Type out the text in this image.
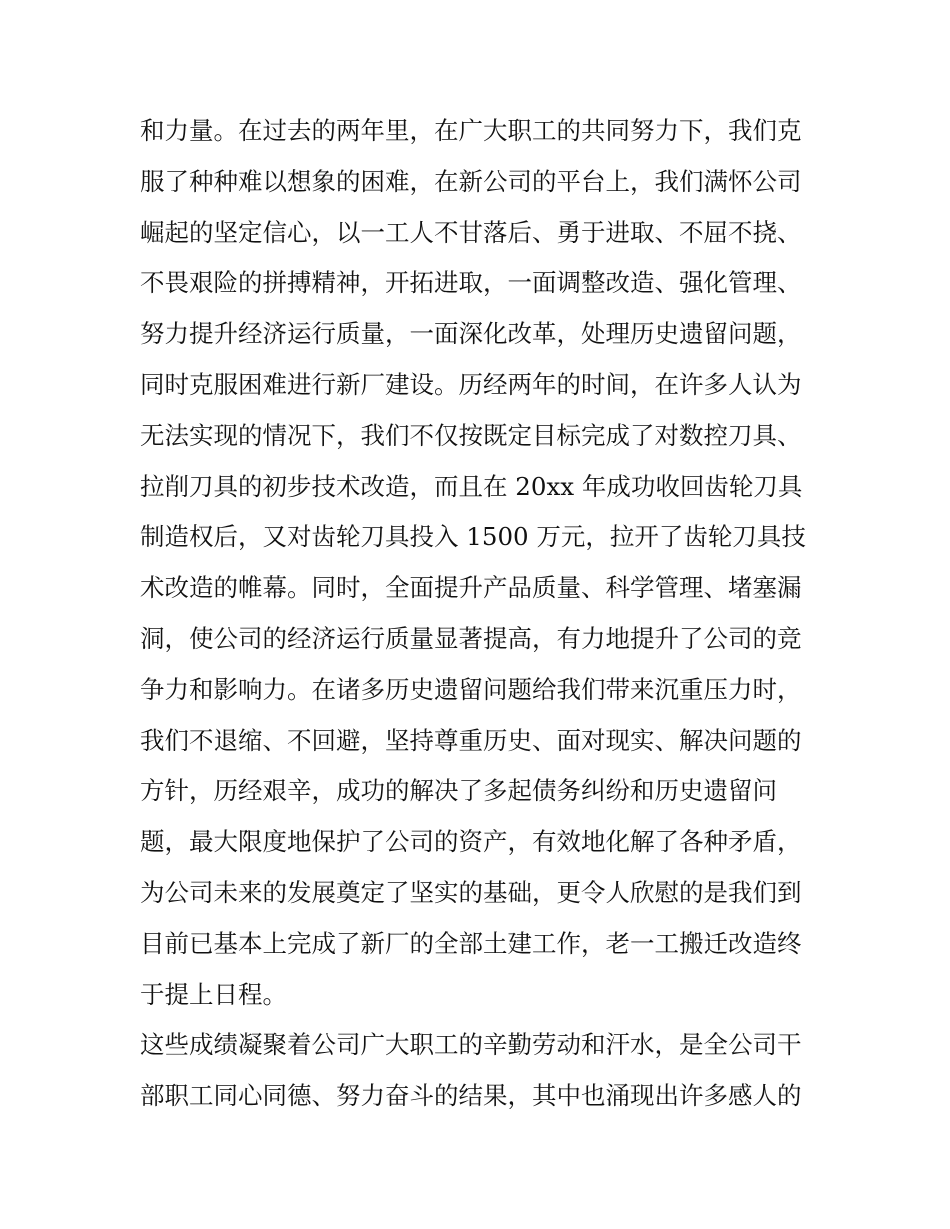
和力量。在过去的两年里，在广大职工的共同努力下，我们克
服了种种难以想象的困难，在新公司的平台上，我们满怀公司
崛起的坚定信心，以一工人不甘落后、勇于进取、不屈不挠、
不畏艰险的拼搏精神，开拓进取，一面调整改造、强化管理、
努力提升经济运行质量，一面深化改革，处理历史遗留问题，
同时克服困难进行新厂建设。历经两年的时间，在许多人认为
无法实现的情况下，我们不仅按既定目标完成了对数控刀具、
拉削刀具的初步技术改造，而且在 20xx 年成功收回齿轮刀具
制造权后，又对齿轮刀具投入 1500 万元，拉开了齿轮刀具技
术改造的帷幕。同时，全面提升产品质量、科学管理、堵塞漏
洞，使公司的经济运行质量显著提高，有力地提升了公司的竞
争力和影响力。在诸多历史遗留问题给我们带来沉重压力时，
我们不退缩、不回避，坚持尊重历史、面对现实、解决问题的
方针，历经艰辛，成功的解决了多起债务纠纷和历史遗留问
题，最大限度地保护了公司的资产，有效地化解了各种矛盾，
为公司未来的发展奠定了坚实的基础，更令人欣慰的是我们到
目前已基本上完成了新厂的全部土建工作，老一工搬迁改造终
于提上日程。
这些成绩凝聚着公司广大职工的辛勤劳动和汗水，是全公司干
部职工同心同德、努力奋斗的结果，其中也涌现出许多感人的
